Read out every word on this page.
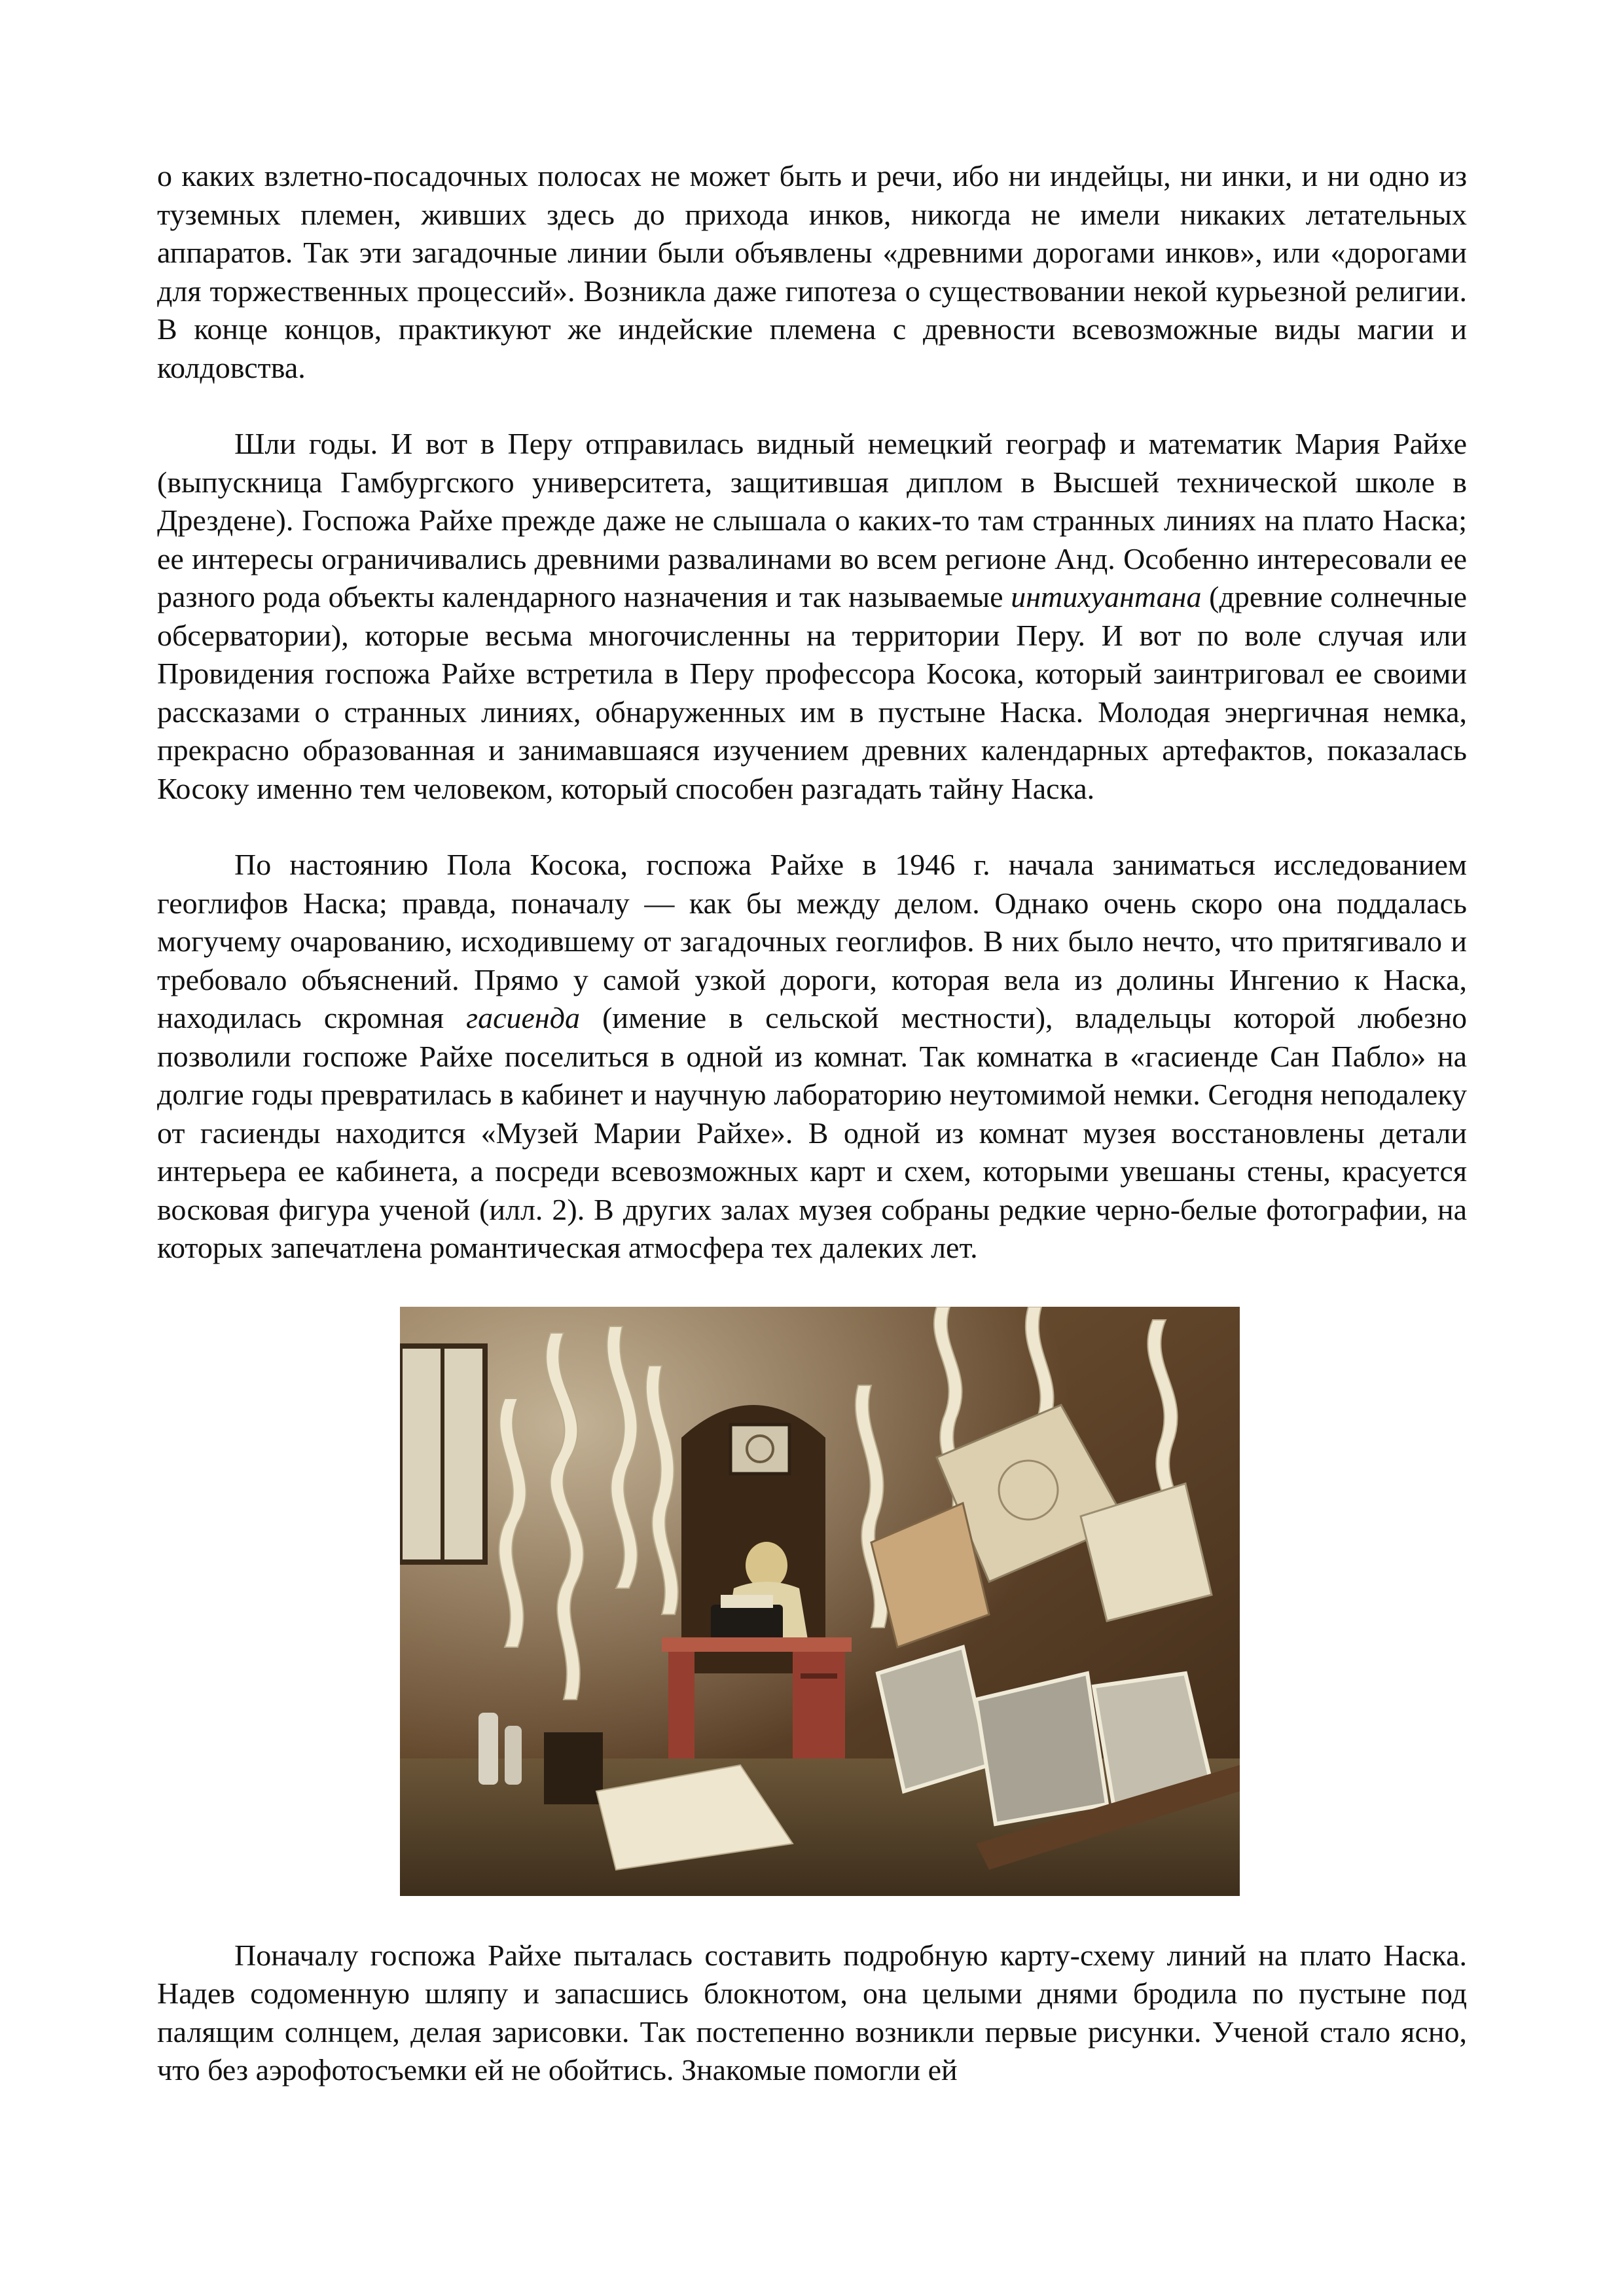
о каких взлетно-посадочных полосах не может быть и речи, ибо ни индейцы, ни инки, и ни одно из туземных племен, живших здесь до прихода инков, никогда не имели никаких летательных аппаратов. Так эти загадочные линии были объявлены «древними дорогами инков», или «дорогами для торжественных процессий». Возникла даже гипотеза о существовании некой курьезной религии. В конце концов, практикуют же индейские племена с древности всевозможные виды магии и колдовства.

Шли годы. И вот в Перу отправилась видный немецкий географ и математик Мария Райхе (выпускница Гамбургского университета, защитившая диплом в Высшей технической школе в Дрездене). Госпожа Райхе прежде даже не слышала о каких-то там странных линиях на плато Наска; ее интересы ограничивались древними развалинами во всем регионе Анд. Особенно интересовали ее разного рода объекты календарного назначения и так называемые интихуантана (древние солнечные обсерватории), которые весьма многочисленны на территории Перу. И вот по воле случая или Провидения госпожа Райхе встретила в Перу профессора Косока, который заинтриговал ее своими рассказами о странных линиях, обнаруженных им в пустыне Наска. Молодая энергичная немка, прекрасно образованная и занимавшаяся изучением древних календарных артефактов, показалась Косоку именно тем человеком, который способен разгадать тайну Наска.

По настоянию Пола Косока, госпожа Райхе в 1946 г. начала заниматься исследованием геоглифов Наска; правда, поначалу — как бы между делом. Однако очень скоро она поддалась могучему очарованию, исходившему от загадочных геоглифов. В них было нечто, что притягивало и требовало объяснений. Прямо у самой узкой дороги, которая вела из долины Ингенио к Наска, находилась скромная гасиенда (имение в сельской местности), владельцы которой любезно позволили госпоже Райхе поселиться в одной из комнат. Так комнатка в «гасиенде Сан Пабло» на долгие годы превратилась в кабинет и научную лабораторию неутомимой немки. Сегодня неподалеку от гасиенды находится «Музей Марии Райхе». В одной из комнат музея восстановлены детали интерьера ее кабинета, а посреди всевозможных карт и схем, которыми увешаны стены, красуется восковая фигура ученой (илл. 2). В других залах музея собраны редкие черно-белые фотографии, на которых запечатлена романтическая атмосфера тех далеких лет.

Поначалу госпожа Райхе пыталась составить подробную карту-схему линий на плато Наска. Надев содоменную шляпу и запасшись блокнотом, она целыми днями бродила по пустыне под палящим солнцем, делая зарисовки. Так постепенно возникли первые рисунки. Ученой стало ясно, что без аэрофотосъемки ей не обойтись. Знакомые помогли ей
